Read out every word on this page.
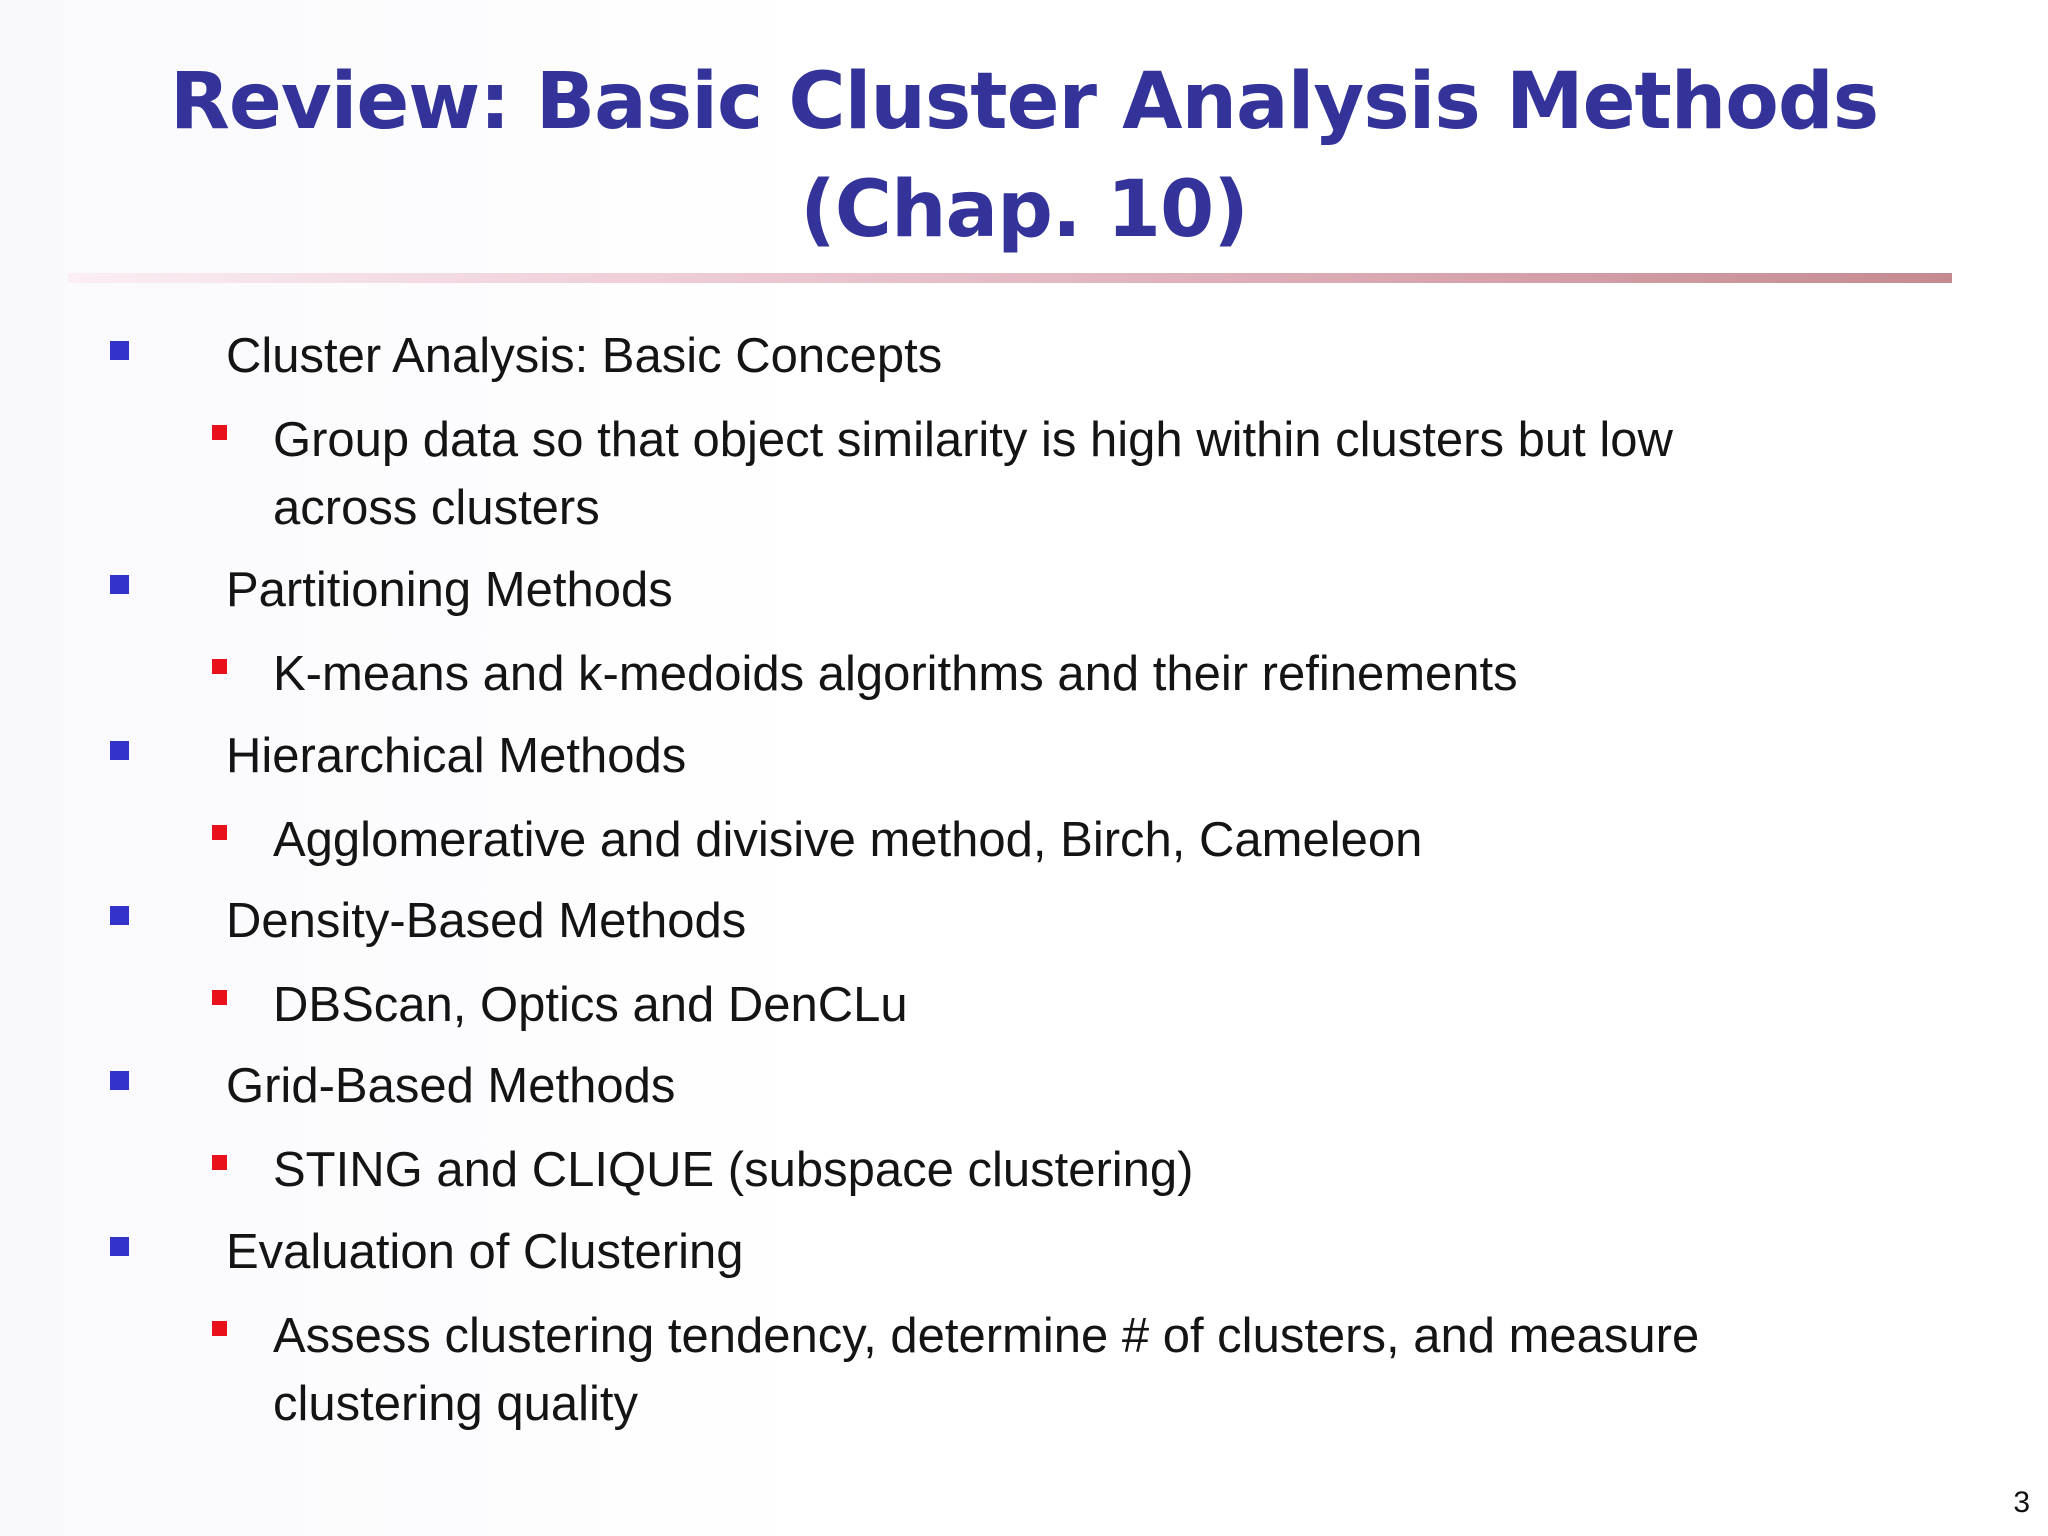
Review: Basic Cluster Analysis Methods (Chap. 10)
Cluster Analysis: Basic Concepts
Group data so that object similarity is high within clusters but low
across clusters
Partitioning Methods
K-means and k-medoids algorithms and their refinements
Hierarchical Methods
Agglomerative and divisive method, Birch, Cameleon
Density-Based Methods
DBScan, Optics and DenCLu
Grid-Based Methods
STING and CLIQUE (subspace clustering)
Evaluation of Clustering
Assess clustering tendency, determine # of clusters, and measure
clustering quality
3
